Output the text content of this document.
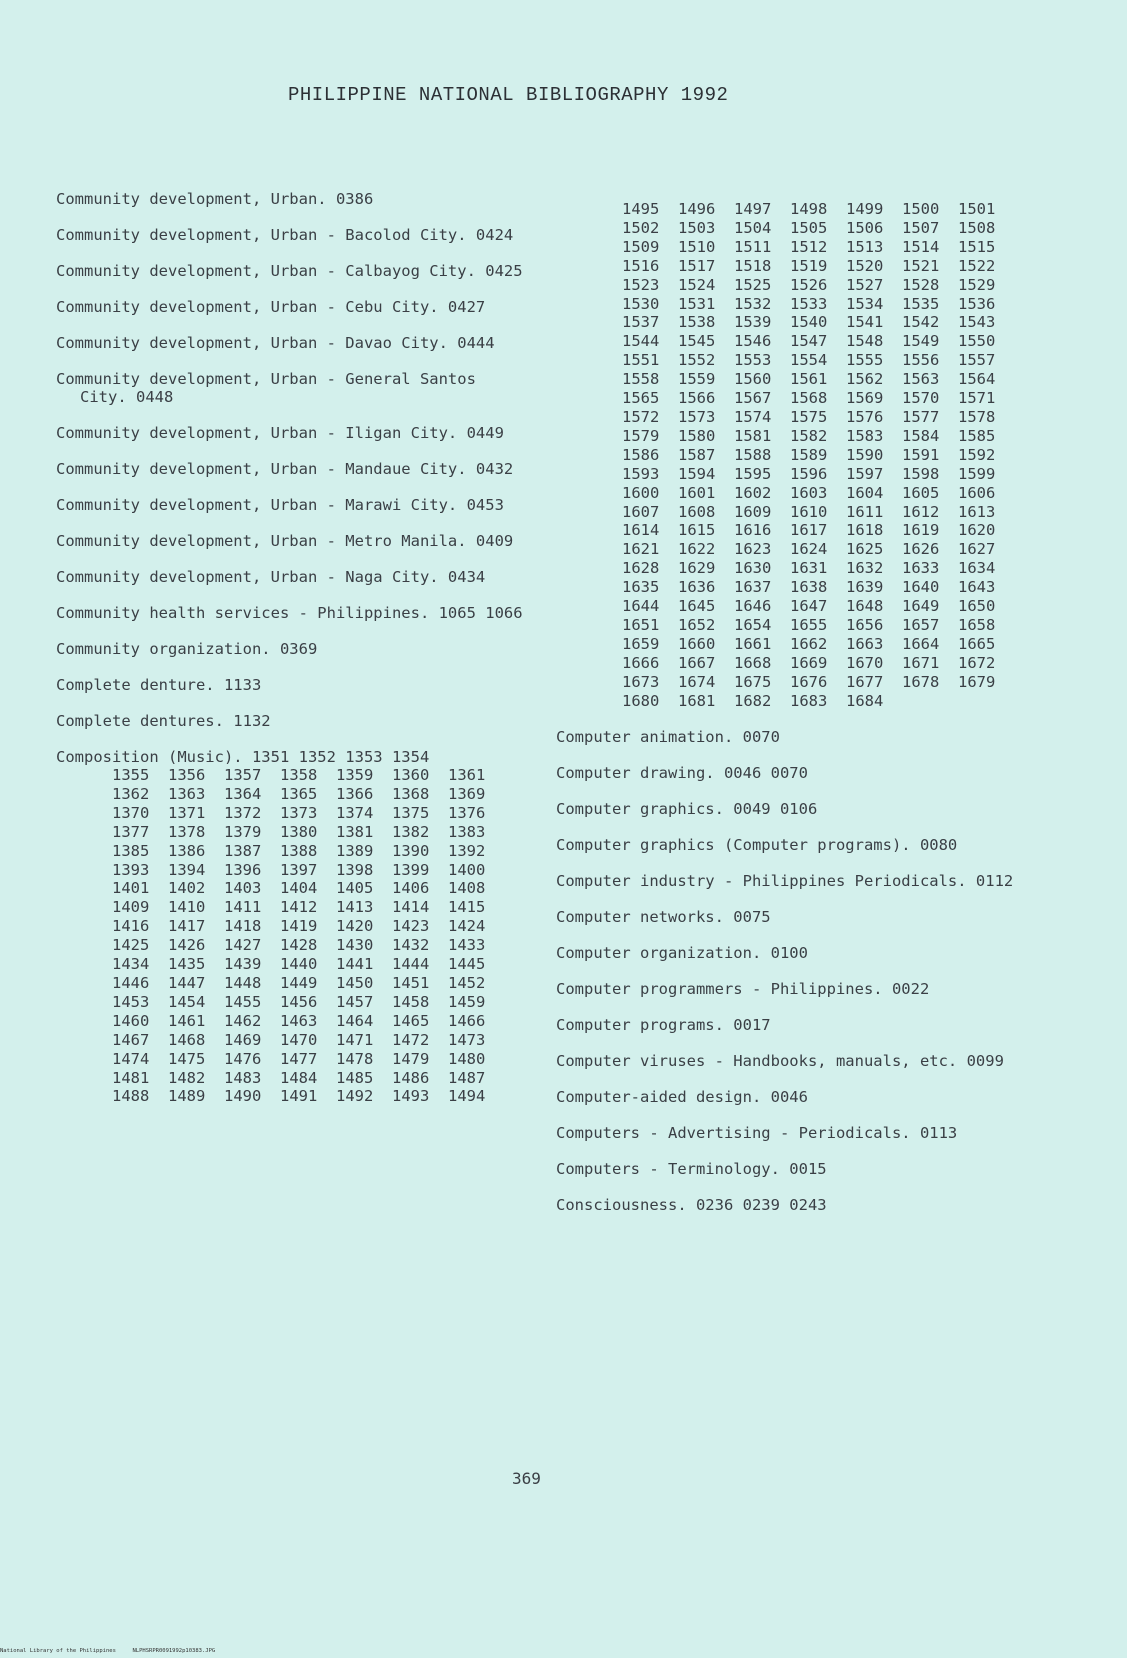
PHILIPPINE NATIONAL BIBLIOGRAPHY 1992
Community development, Urban. 0386
Community development, Urban - Bacolod City. 0424
Community development, Urban - Calbayog City. 0425
Community development, Urban - Cebu City. 0427
Community development, Urban - Davao City. 0444
Community development, Urban - General Santos City. 0448
Community development, Urban - Iligan City. 0449
Community development, Urban - Mandaue City. 0432
Community development, Urban - Marawi City. 0453
Community development, Urban - Metro Manila. 0409
Community development, Urban - Naga City. 0434
Community health services - Philippines. 1065 1066
Community organization. 0369
Complete denture. 1133
Complete dentures. 1132
Composition (Music). 1351 1352 1353 1354
1355 1356 1357 1358 1359 1360 1361
1362 1363 1364 1365 1366 1368 1369
1370 1371 1372 1373 1374 1375 1376
1377 1378 1379 1380 1381 1382 1383
1385 1386 1387 1388 1389 1390 1392
1393 1394 1396 1397 1398 1399 1400
1401 1402 1403 1404 1405 1406 1408
1409 1410 1411 1412 1413 1414 1415
1416 1417 1418 1419 1420 1423 1424
1425 1426 1427 1428 1430 1432 1433
1434 1435 1439 1440 1441 1444 1445
1446 1447 1448 1449 1450 1451 1452
1453 1454 1455 1456 1457 1458 1459
1460 1461 1462 1463 1464 1465 1466
1467 1468 1469 1470 1471 1472 1473
1474 1475 1476 1477 1478 1479 1480
1481 1482 1483 1484 1485 1486 1487
1488 1489 1490 1491 1492 1493 1494
1495 1496 1497 1498 1499 1500 1501
1502 1503 1504 1505 1506 1507 1508
1509 1510 1511 1512 1513 1514 1515
1516 1517 1518 1519 1520 1521 1522
1523 1524 1525 1526 1527 1528 1529
1530 1531 1532 1533 1534 1535 1536
1537 1538 1539 1540 1541 1542 1543
1544 1545 1546 1547 1548 1549 1550
1551 1552 1553 1554 1555 1556 1557
1558 1559 1560 1561 1562 1563 1564
1565 1566 1567 1568 1569 1570 1571
1572 1573 1574 1575 1576 1577 1578
1579 1580 1581 1582 1583 1584 1585
1586 1587 1588 1589 1590 1591 1592
1593 1594 1595 1596 1597 1598 1599
1600 1601 1602 1603 1604 1605 1606
1607 1608 1609 1610 1611 1612 1613
1614 1615 1616 1617 1618 1619 1620
1621 1622 1623 1624 1625 1626 1627
1628 1629 1630 1631 1632 1633 1634
1635 1636 1637 1638 1639 1640 1643
1644 1645 1646 1647 1648 1649 1650
1651 1652 1654 1655 1656 1657 1658
1659 1660 1661 1662 1663 1664 1665
1666 1667 1668 1669 1670 1671 1672
1673 1674 1675 1676 1677 1678 1679
1680 1681 1682 1683 1684
Computer animation. 0070
Computer drawing. 0046 0070
Computer graphics. 0049 0106
Computer graphics (Computer programs). 0080
Computer industry - Philippines Periodicals. 0112
Computer networks. 0075
Computer organization. 0100
Computer programmers - Philippines. 0022
Computer programs. 0017
Computer viruses - Handbooks, manuals, etc. 0099
Computer-aided design. 0046
Computers - Advertising - Periodicals. 0113
Computers - Terminology. 0015
Consciousness. 0236 0239 0243
369
National Library of the Philippines     NLPHSRPR0091992p10383.JPG
